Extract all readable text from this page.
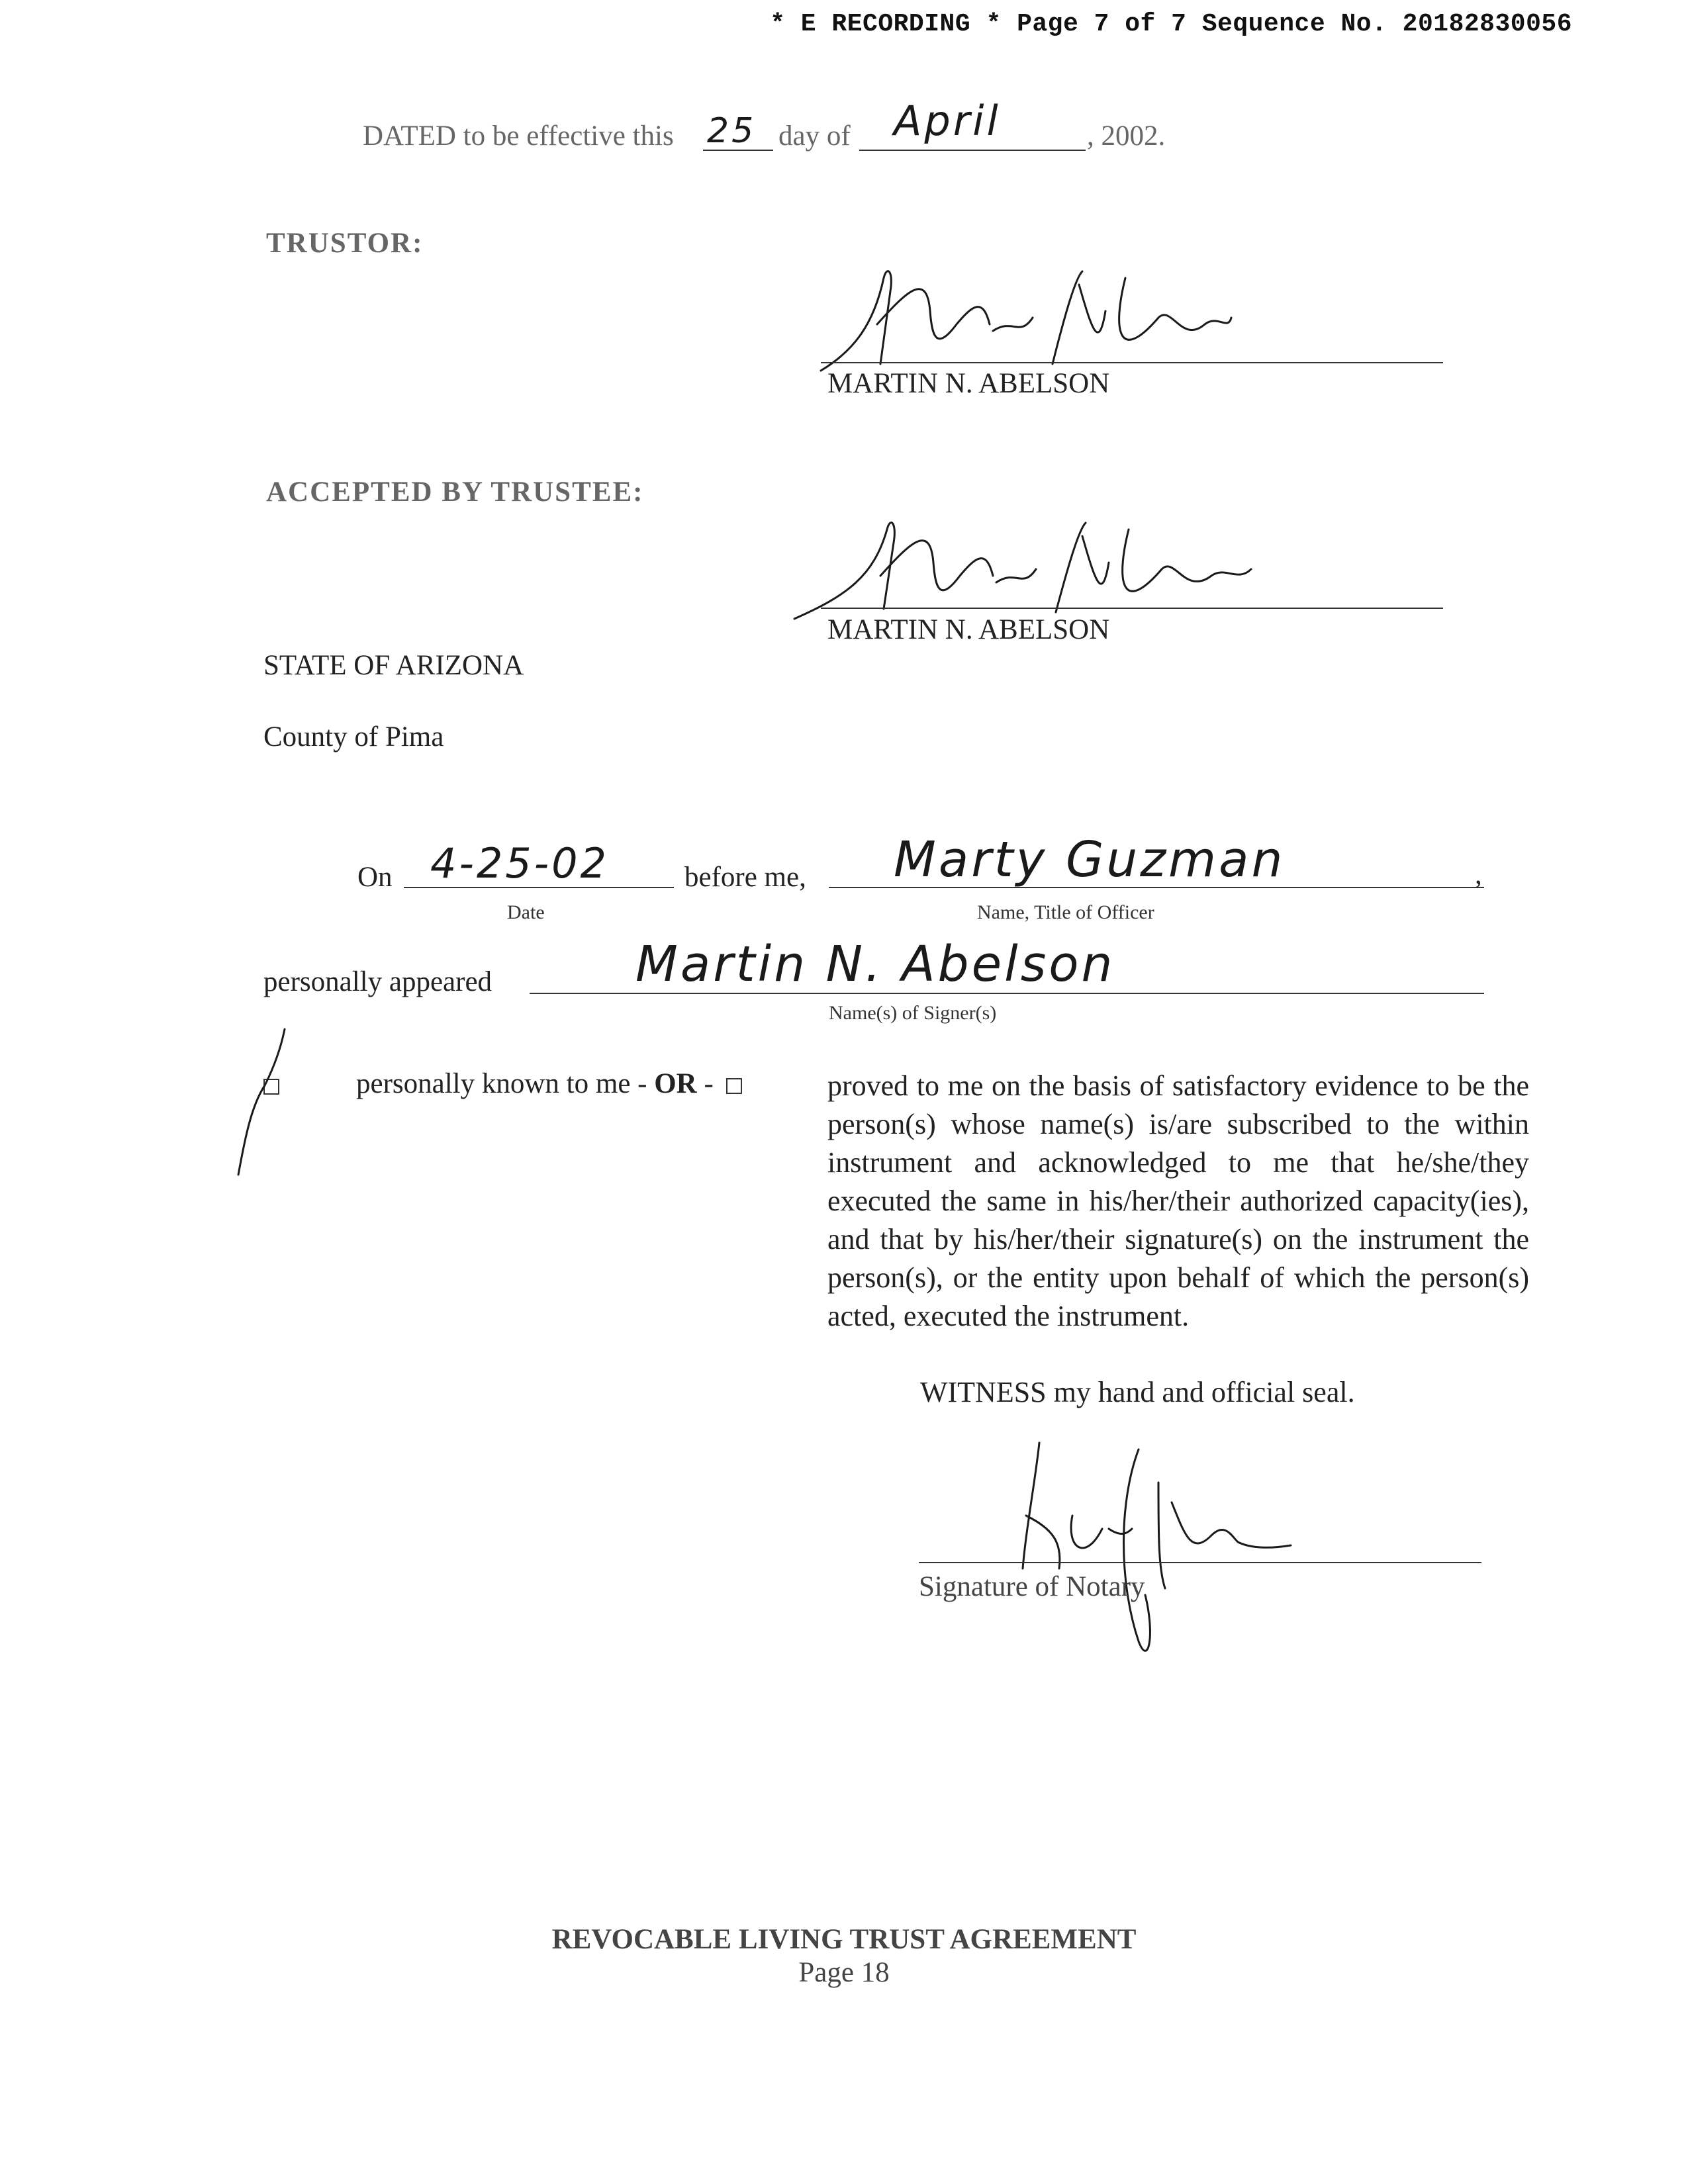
* E RECORDING * Page 7 of 7 Sequence No. 20182830056
DATED to be effective this 25 day of April	, 2002.
TRUSTOR:
MARTIN N. ABELSON
ACCEPTED BY TRUSTEE:
MARTIN N. ABELSON
STATE OF ARIZONA
County of Pima
On 4-25-02
Date
before me,	,
Marty Guzman
Name, Title of Officer
personally appeared	Martin N. Abelson
Name(s) of Signer(s)
personally known to me - OR -	proved to me on the basis of satisfactory evidence to be the person(s) whose name(s) is/are subscribed to the within instrument and acknowledged to me that he/she/they executed the same in his/her/their authorized capacity(ies), and that by his/her/their signature(s) on the instrument the person(s), or the entity upon behalf of which the person(s) acted, executed the instrument.
WITNESS my hand and official seal.
Signature of Notary
REVOCABLE LIVING TRUST AGREEMENT
Page 18
